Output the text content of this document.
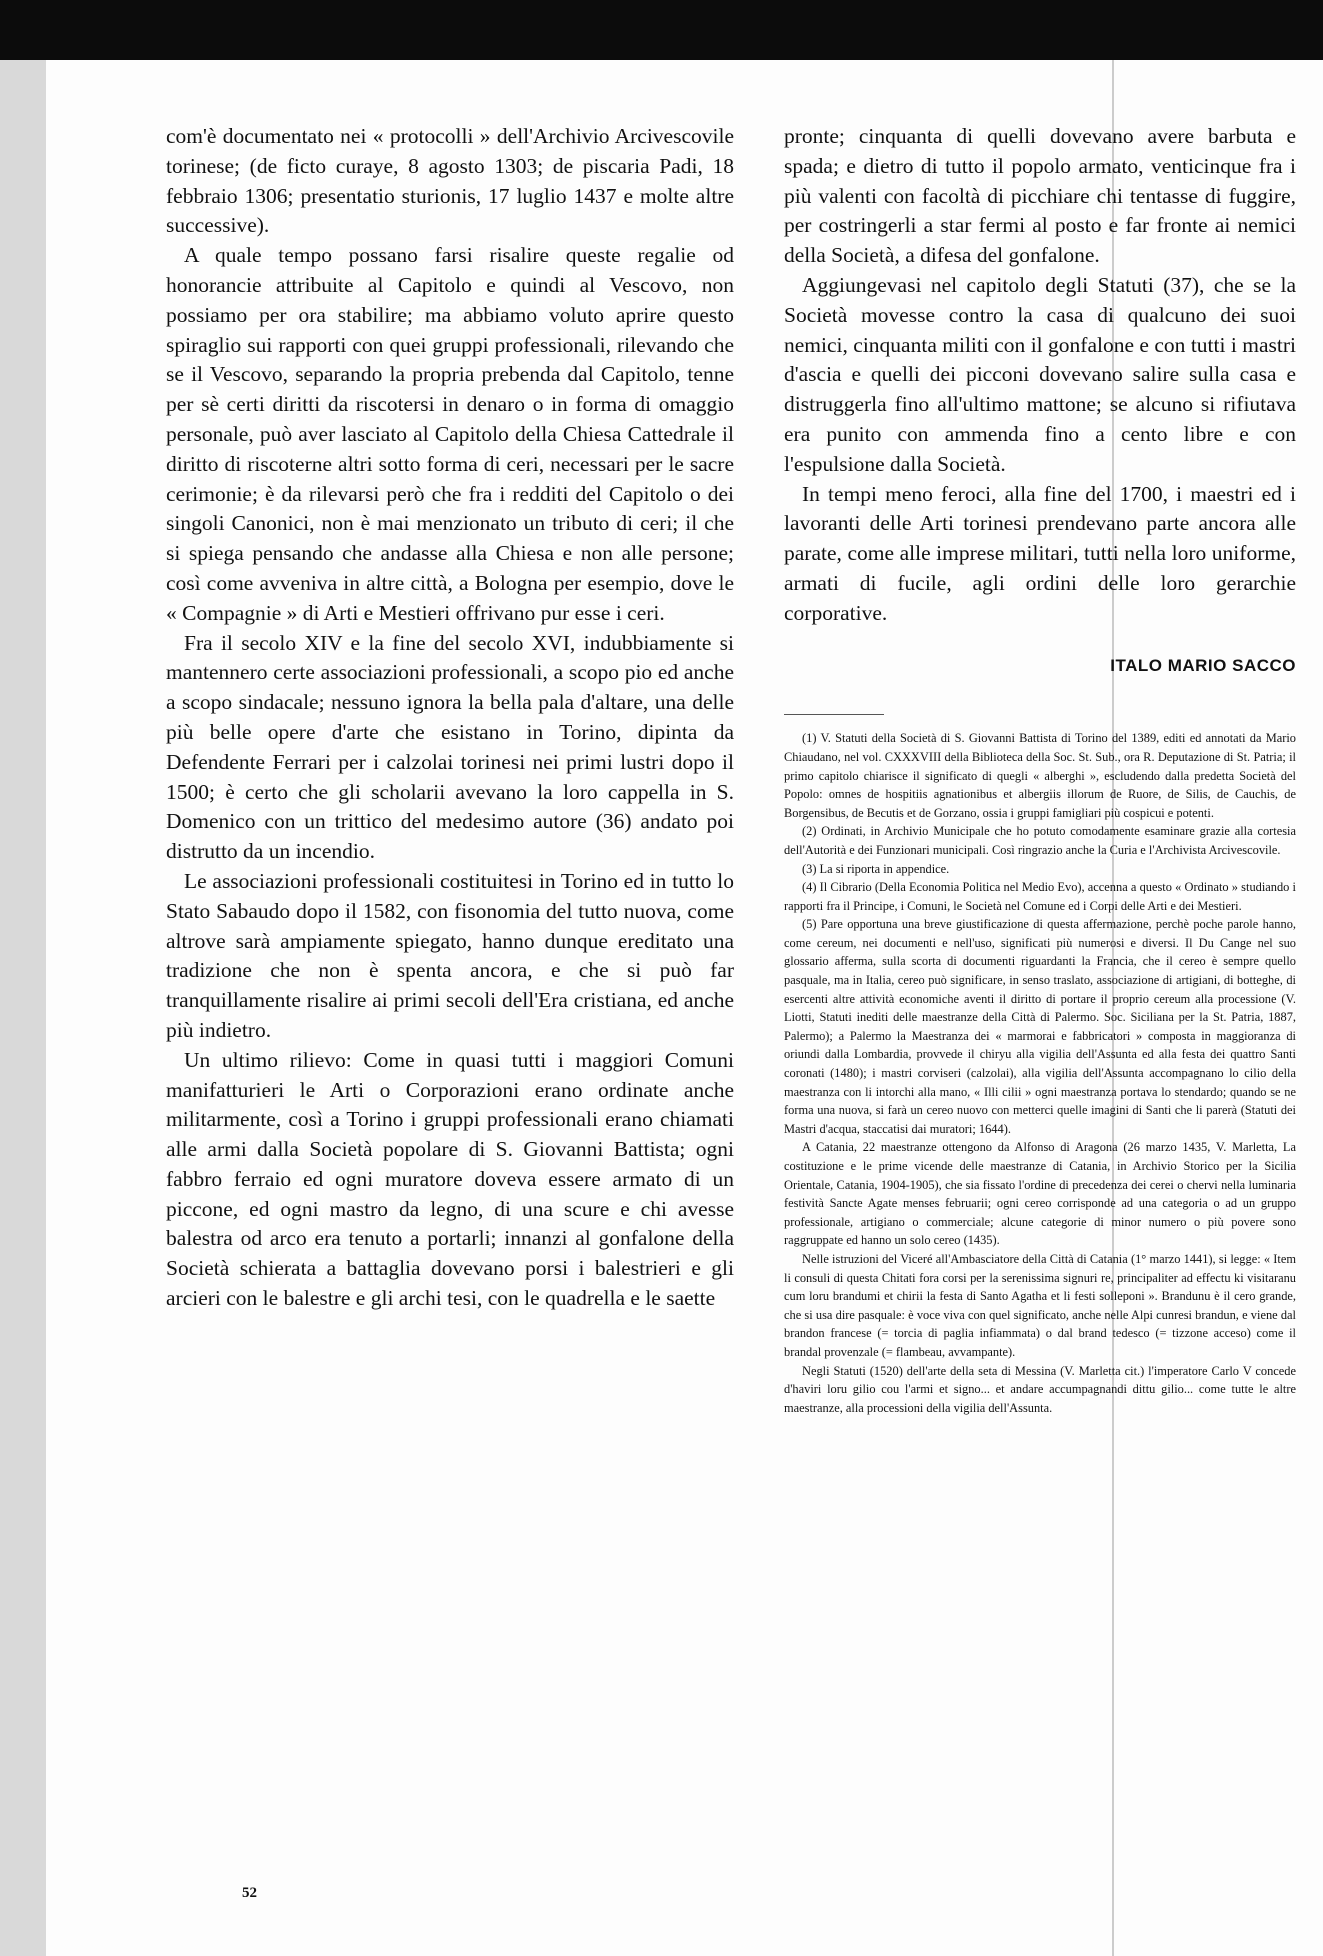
com'è documentato nei « protocolli » dell'Archivio Arcivescovile torinese; (de ficto curaye, 8 agosto 1303; de piscaria Padi, 18 febbraio 1306; presentatio sturionis, 17 luglio 1437 e molte altre successive).

A quale tempo possano farsi risalire queste regalie od honorancie attribuite al Capitolo e quindi al Vescovo, non possiamo per ora stabilire; ma abbiamo voluto aprire questo spiraglio sui rapporti con quei gruppi professionali, rilevando che se il Vescovo, separando la propria prebenda dal Capitolo, tenne per sè certi diritti da riscotersi in denaro o in forma di omaggio personale, può aver lasciato al Capitolo della Chiesa Cattedrale il diritto di riscoterne altri sotto forma di ceri, necessari per le sacre cerimonie; è da rilevarsi però che fra i redditi del Capitolo o dei singoli Canonici, non è mai menzionato un tributo di ceri; il che si spiega pensando che andasse alla Chiesa e non alle persone; così come avveniva in altre città, a Bologna per esempio, dove le « Compagnie » di Arti e Mestieri offrivano pur esse i ceri.

Fra il secolo XIV e la fine del secolo XVI, indubbiamente si mantennero certe associazioni professionali, a scopo pio ed anche a scopo sindacale; nessuno ignora la bella pala d'altare, una delle più belle opere d'arte che esistano in Torino, dipinta da Defendente Ferrari per i calzolai torinesi nei primi lustri dopo il 1500; è certo che gli scholarii avevano la loro cappella in S. Domenico con un trittico del medesimo autore (36) andato poi distrutto da un incendio.

Le associazioni professionali costituitesi in Torino ed in tutto lo Stato Sabaudo dopo il 1582, con fisonomia del tutto nuova, come altrove sarà ampiamente spiegato, hanno dunque ereditato una tradizione che non è spenta ancora, e che si può far tranquillamente risalire ai primi secoli dell'Era cristiana, ed anche più indietro.

Un ultimo rilievo: Come in quasi tutti i maggiori Comuni manifatturieri le Arti o Corporazioni erano ordinate anche militarmente, così a Torino i gruppi professionali erano chiamati alle armi dalla Società popolare di S. Giovanni Battista; ogni fabbro ferraio ed ogni muratore doveva essere armato di un piccone, ed ogni mastro da legno, di una scure e chi avesse balestra od arco era tenuto a portarli; innanzi al gonfalone della Società schierata a battaglia dovevano porsi i balestrieri e gli arcieri con le balestre e gli archi tesi, con le quadrella e le saette

pronte; cinquanta di quelli dovevano avere barbuta e spada; e dietro di tutto il popolo armato, venticinque fra i più valenti con facoltà di picchiare chi tentasse di fuggire, per costringerli a star fermi al posto e far fronte ai nemici della Società, a difesa del gonfalone.

Aggiungevasi nel capitolo degli Statuti (37), che se la Società movesse contro la casa di qualcuno dei suoi nemici, cinquanta militi con il gonfalone e con tutti i mastri d'ascia e quelli dei picconi dovevano salire sulla casa e distruggerla fino all'ultimo mattone; se alcuno si rifiutava era punito con ammenda fino a cento libre e con l'espulsione dalla Società.

In tempi meno feroci, alla fine del 1700, i maestri ed i lavoranti delle Arti torinesi prendevano parte ancora alle parate, come alle imprese militari, tutti nella loro uniforme, armati di fucile, agli ordini delle loro gerarchie corporative.

ITALO MARIO SACCO

(1) V. Statuti della Società di S. Giovanni Battista di Torino del 1389, editi ed annotati da Mario Chiaudano, nel vol. CXXXVIII della Biblioteca della Soc. St. Sub., ora R. Deputazione di St. Patria; il primo capitolo chiarisce il significato di quegli « alberghi », escludendo dalla predetta Società del Popolo: omnes de hospitiis agnationibus et albergiis illorum de Ruore, de Silis, de Cauchis, de Borgensibus, de Becutis et de Gorzano, ossia i gruppi famigliari più cospicui e potenti.

(2) Ordinati, in Archivio Municipale che ho potuto comodamente esaminare grazie alla cortesia dell'Autorità e dei Funzionari municipali. Così ringrazio anche la Curia e l'Archivista Arcivescovile.

(3) La si riporta in appendice.

(4) Il Cibrario (Della Economia Politica nel Medio Evo), accenna a questo « Ordinato » studiando i rapporti fra il Principe, i Comuni, le Società nel Comune ed i Corpi delle Arti e dei Mestieri.

(5) Pare opportuna una breve giustificazione di questa affermazione, perchè poche parole hanno, come cereum, nei documenti e nell'uso, significati più numerosi e diversi. Il Du Cange nel suo glossario afferma, sulla scorta di documenti riguardanti la Francia, che il cereo è sempre quello pasquale, ma in Italia, cereo può significare, in senso traslato, associazione di artigiani, di botteghe, di esercenti altre attività economiche aventi il diritto di portare il proprio cereum alla processione (V. Liotti, Statuti inediti delle maestranze della Città di Palermo. Soc. Siciliana per la St. Patria, 1887, Palermo); a Palermo la Maestranza dei « marmorai e fabbricatori » composta in maggioranza di oriundi dalla Lombardia, provvede il chiryu alla vigilia dell'Assunta ed alla festa dei quattro Santi coronati (1480); i mastri corviseri (calzolai), alla vigilia dell'Assunta accompagnano lo cilio della maestranza con li intorchi alla mano, « Illi cilii » ogni maestranza portava lo stendardo; quando se ne forma una nuova, si farà un cereo nuovo con metterci quelle imagini di Santi che li parerà (Statuti dei Mastri d'acqua, staccatisi dai muratori; 1644).

A Catania, 22 maestranze ottengono da Alfonso di Aragona (26 marzo 1435, V. Marletta, La costituzione e le prime vicende delle maestranze di Catania, in Archivio Storico per la Sicilia Orientale, Catania, 1904-1905), che sia fissato l'ordine di precedenza dei cerei o chervi nella luminaria festività Sancte Agate menses februarii; ogni cereo corrisponde ad una categoria o ad un gruppo professionale, artigiano o commerciale; alcune categorie di minor numero o più povere sono raggruppate ed hanno un solo cereo (1435).

Nelle istruzioni del Viceré all'Ambasciatore della Città di Catania (1° marzo 1441), si legge: « Item li consuli di questa Chitati fora corsi per la serenissima signuri re, principaliter ad effectu ki visitaranu cum loru brandumi et chirii la festa di Santo Agatha et li festi solleponi ». Brandunu è il cero grande, che si usa dire pasquale: è voce viva con quel significato, anche nelle Alpi cunresi brandun, e viene dal brandon francese (= torcia di paglia infiammata) o dal brand tedesco (= tizzone acceso) come il brandal provenzale (= flambeau, avvampante).

Negli Statuti (1520) dell'arte della seta di Messina (V. Marletta cit.) l'imperatore Carlo V concede d'haviri loru gilio cou l'armi et signo... et andare accumpagnandi dittu gilio... come tutte le altre maestranze, alla processioni della vigilia dell'Assunta.

52
